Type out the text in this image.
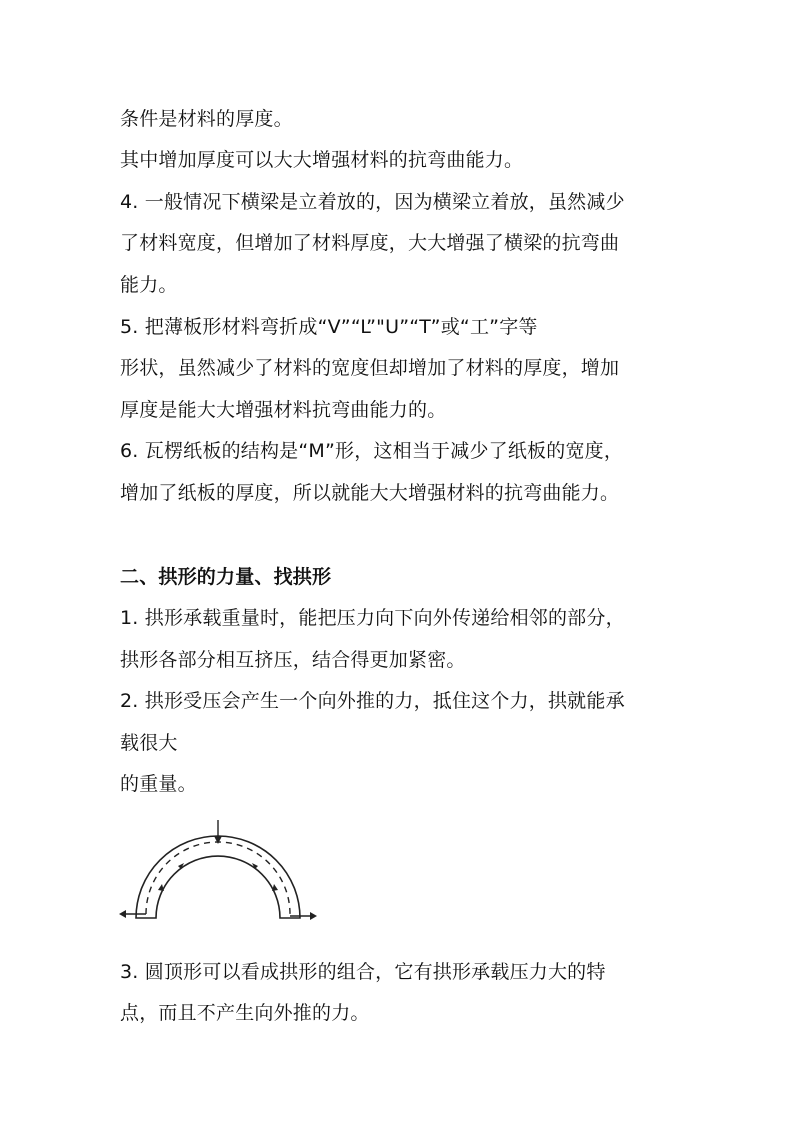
条件是材料的厚度。
其中增加厚度可以大大增强材料的抗弯曲能力。
4. 一般情况下横梁是立着放的，因为横梁立着放，虽然减少
了材料宽度，但增加了材料厚度，大大增强了横梁的抗弯曲
能力。
5. 把薄板形材料弯折成“V”“L”"U”“T”或“工”字等
形状，虽然减少了材料的宽度但却增加了材料的厚度，增加
厚度是能大大增强材料抗弯曲能力的。
6. 瓦楞纸板的结构是“M”形，这相当于减少了纸板的宽度，
增加了纸板的厚度，所以就能大大增强材料的抗弯曲能力。
二、拱形的力量、找拱形
1. 拱形承载重量时，能把压力向下向外传递给相邻的部分，
拱形各部分相互挤压，结合得更加紧密。
2. 拱形受压会产生一个向外推的力，抵住这个力，拱就能承
载很大
的重量。
3. 圆顶形可以看成拱形的组合，它有拱形承载压力大的特
点，而且不产生向外推的力。
